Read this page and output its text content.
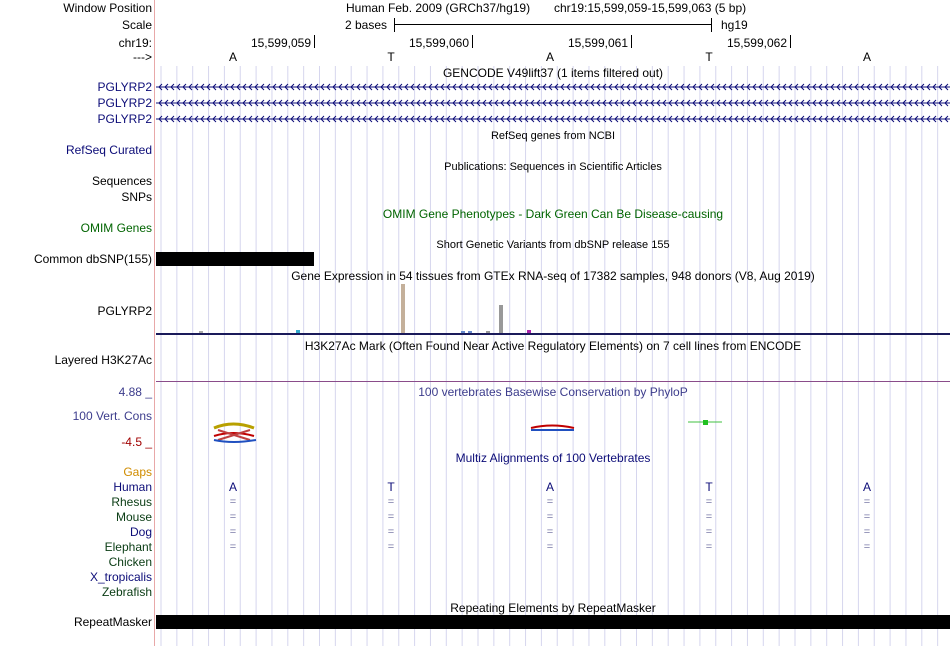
Window Position	Human Feb. 2009 (GRCh37/hg19) chr19:15,599,059-15,599,063 (5 bp)
Scale	2 bases	hg19
chr19:	15,599,059	15,599,060	15,599,061	15,599,062
--->	A	T	A	T	A
GENCODE V49lift37 (1 items filtered out)
PGLYRP2
PGLYRP2
PGLYRP2
RefSeq genes from NCBI
RefSeq Curated
Publications: Sequences in Scientific Articles
Sequences
SNPs
OMIM Gene Phenotypes - Dark Green Can Be Disease-causing
OMIM Genes
Short Genetic Variants from dbSNP release 155
Common dbSNP(155)
Gene Expression in 54 tissues from GTEx RNA-seq of 17382 samples, 948 donors (V8, Aug 2019)
PGLYRP2
H3K27Ac Mark (Often Found Near Active Regulatory Elements) on 7 cell lines from ENCODE
Layered H3K27Ac
100 vertebrates Basewise Conservation by PhyloP
4.88 _
100 Vert. Cons
-4.5 _
Multiz Alignments of 100 Vertebrates
Gaps
Human	A	T	A	T	A
Rhesus	=	=	=	=	=
Mouse	=	=	=	=	=
Dog	=	=	=	=	=
Elephant	=	=	=	=	=
Chicken
X_tropicalis
Zebrafish
Repeating Elements by RepeatMasker
RepeatMasker
